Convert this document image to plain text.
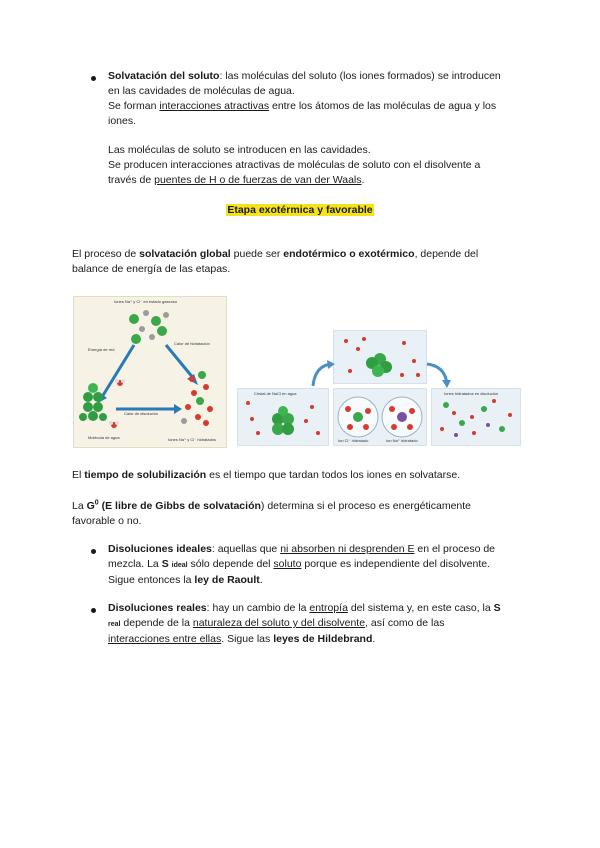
Solvatación del soluto: las moléculas del soluto (los iones formados) se introducen
en las cavidades de moléculas de agua.
Se forman interacciones atractivas entre los átomos de las moléculas de agua y los
iones.
Las moléculas de soluto se introducen en las cavidades.
Se producen interacciones atractivas de moléculas de soluto con el disolvente a
través de puentes de H o de fuerzas de van der Waals.
Etapa exotérmica y favorable
El proceso de solvatación global puede ser endotérmico o exotérmico, depende del
balance de energía de las etapas.
Iones Na⁺ y Cl⁻ en estado gaseoso
Energía de red
Calor de hidratación
Calor de disolución
Molécula de agua	Iones Na⁺ y Cl⁻ hidratados
Cristal de NaCl en agua
Ion Cl⁻ hidratado	Ion Na⁺ hidratado
Iones hidratados en disolución
El tiempo de solubilización es el tiempo que tardan todos los iones en solvatarse.
La $G^0$ (E libre de Gibbs de solvatación) determina si el proceso es energéticamente
favorable o no.
Disoluciones ideales: aquellas que ni absorben ni desprenden E en el proceso de
mezcla. La S ideal sólo depende del soluto porque es independiente del disolvente.
Sigue entonces la ley de Raoult.
Disoluciones reales: hay un cambio de la entropía del sistema y, en este caso, la S
real depende de la naturaleza del soluto y del disolvente, así como de las
interacciones entre ellas. Sigue las leyes de Hildebrand.
